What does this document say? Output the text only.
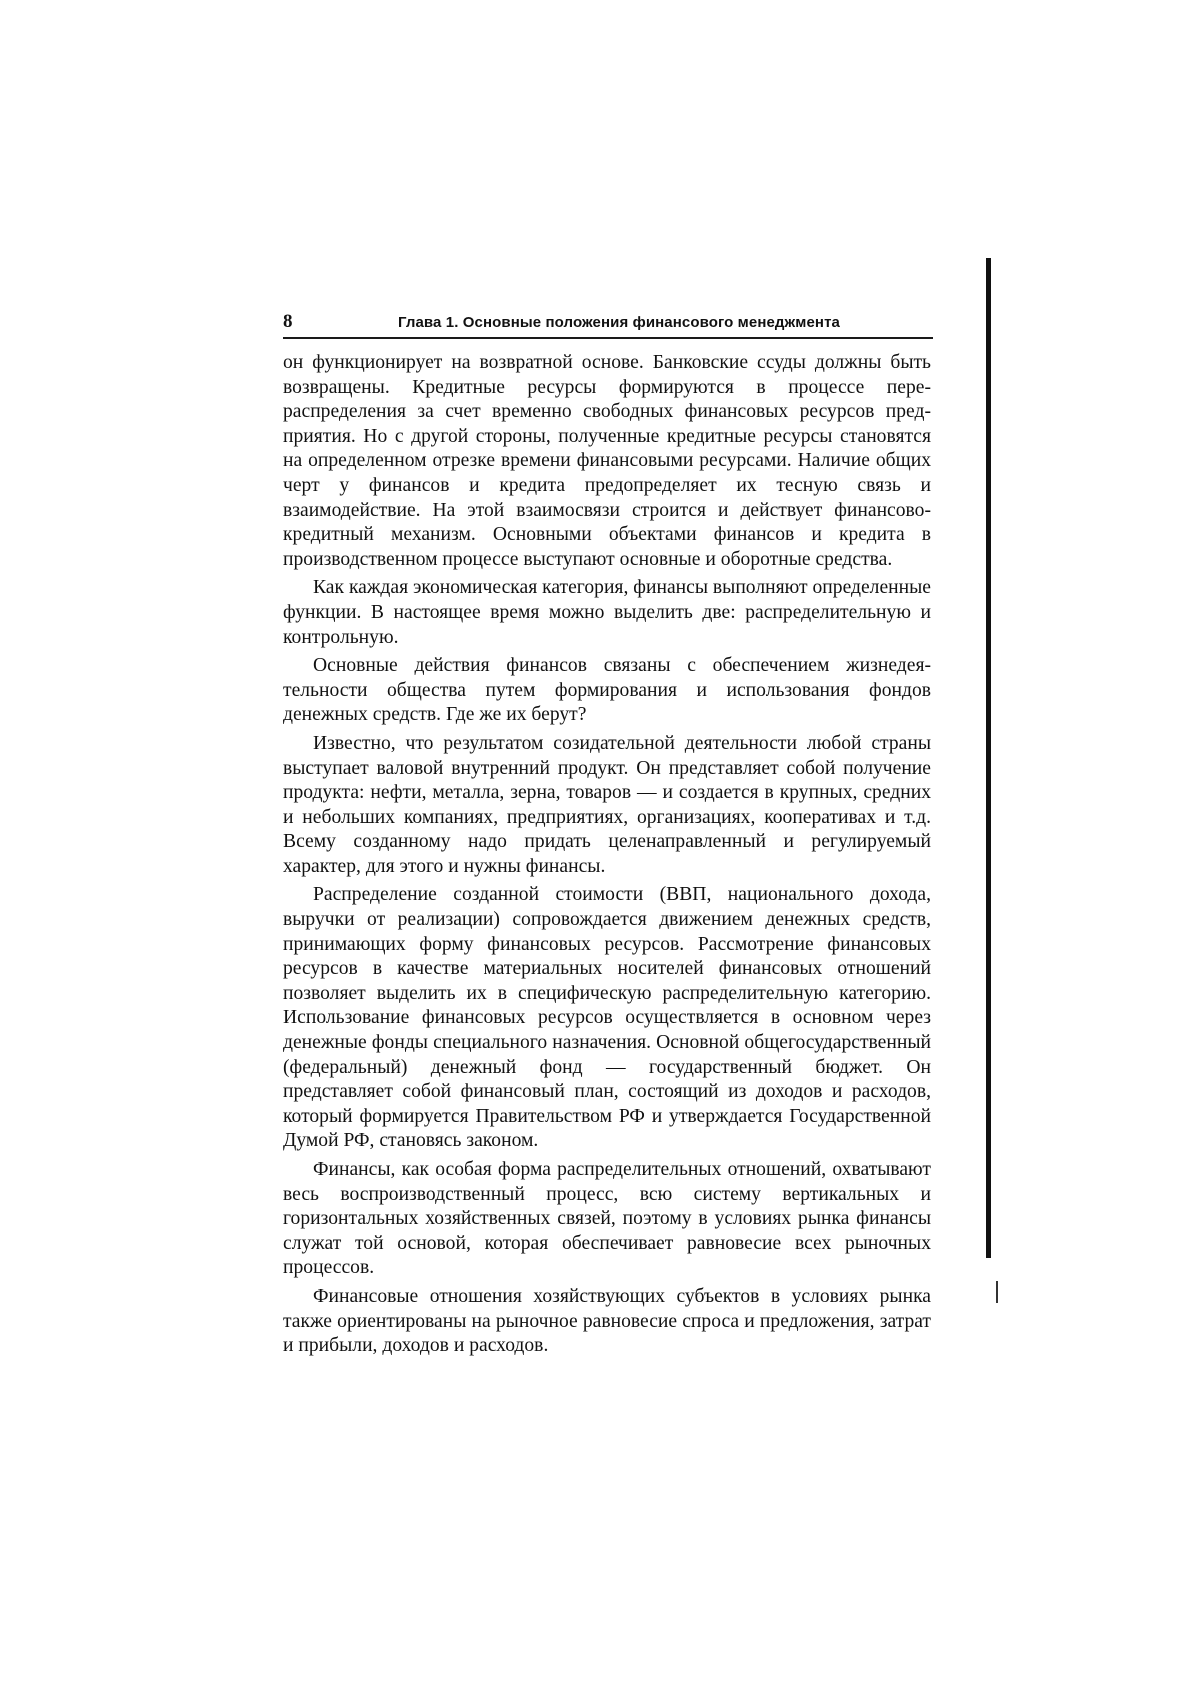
8	Глава 1. Основные положения финансового менеджмента

он функционирует на возвратной основе. Банковские ссуды должны быть возвращены. Кредитные ресурсы формируются в процессе перераспределения за счет временно свободных финансовых ресурсов предприятия. Но с другой стороны, полученные кредитные ресурсы становятся на определенном отрезке времени финансовыми ресурсами. Наличие общих черт у финансов и кредита предопределяет их тесную связь и взаимодействие. На этой взаимосвязи строится и действует финансово-кредитный механизм. Основными объектами финансов и кредита в производственном процессе выступают основные и оборотные средства.

Как каждая экономическая категория, финансы выполняют определенные функции. В настоящее время можно выделить две: распределительную и контрольную.

Основные действия финансов связаны с обеспечением жизнедеятельности общества путем формирования и использования фондов денежных средств. Где же их берут?

Известно, что результатом созидательной деятельности любой страны выступает валовой внутренний продукт. Он представляет собой получение продукта: нефти, металла, зерна, товаров — и создается в крупных, средних и небольших компаниях, предприятиях, организациях, кооперативах и т.д. Всему созданному надо придать целенаправленный и регулируемый характер, для этого и нужны финансы.

Распределение созданной стоимости (ВВП, национального дохода, выручки от реализации) сопровождается движением денежных средств, принимающих форму финансовых ресурсов. Рассмотрение финансовых ресурсов в качестве материальных носителей финансовых отношений позволяет выделить их в специфическую распределительную категорию. Использование финансовых ресурсов осуществляется в основном через денежные фонды специального назначения. Основной общегосударственный (федеральный) денежный фонд — государственный бюджет. Он представляет собой финансовый план, состоящий из доходов и расходов, который формируется Правительством РФ и утверждается Государственной Думой РФ, становясь законом.

Финансы, как особая форма распределительных отношений, охватывают весь воспроизводственный процесс, всю систему вертикальных и горизонтальных хозяйственных связей, поэтому в условиях рынка финансы служат той основой, которая обеспечивает равновесие всех рыночных процессов.

Финансовые отношения хозяйствующих субъектов в условиях рынка также ориентированы на рыночное равновесие спроса и предложения, затрат и прибыли, доходов и расходов.
